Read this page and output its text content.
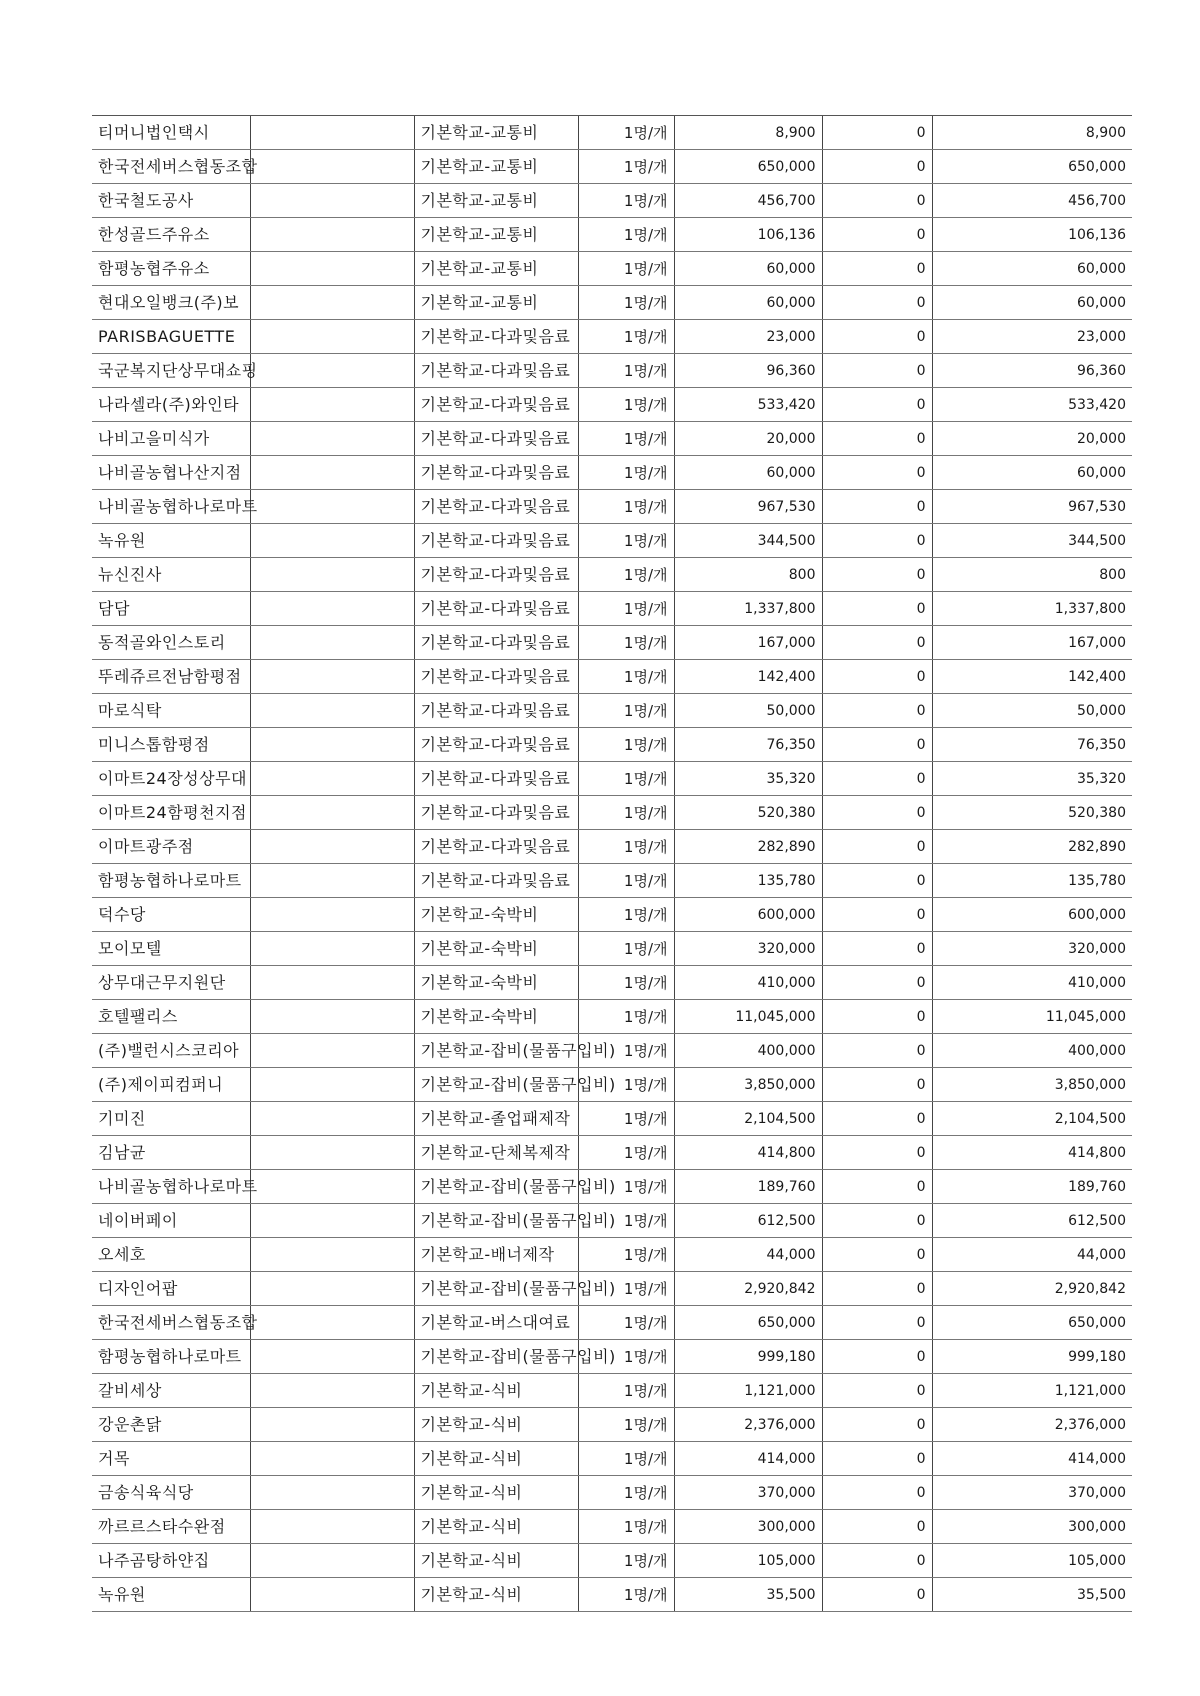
티머니법인택시		기본학교-교통비	1명/개	8,900	0	8,900
한국전세버스협동조합		기본학교-교통비	1명/개	650,000	0	650,000
한국철도공사		기본학교-교통비	1명/개	456,700	0	456,700
한성골드주유소		기본학교-교통비	1명/개	106,136	0	106,136
함평농협주유소		기본학교-교통비	1명/개	60,000	0	60,000
현대오일뱅크(주)보		기본학교-교통비	1명/개	60,000	0	60,000
PARISBAGUETTE		기본학교-다과및음료	1명/개	23,000	0	23,000
국군복지단상무대쇼핑		기본학교-다과및음료	1명/개	96,360	0	96,360
나라셀라(주)와인타		기본학교-다과및음료	1명/개	533,420	0	533,420
나비고을미식가		기본학교-다과및음료	1명/개	20,000	0	20,000
나비골농협나산지점		기본학교-다과및음료	1명/개	60,000	0	60,000
나비골농협하나로마트		기본학교-다과및음료	1명/개	967,530	0	967,530
녹유원		기본학교-다과및음료	1명/개	344,500	0	344,500
뉴신진사		기본학교-다과및음료	1명/개	800	0	800
담담		기본학교-다과및음료	1명/개	1,337,800	0	1,337,800
동적골와인스토리		기본학교-다과및음료	1명/개	167,000	0	167,000
뚜레쥬르전남함평점		기본학교-다과및음료	1명/개	142,400	0	142,400
마로식탁		기본학교-다과및음료	1명/개	50,000	0	50,000
미니스톱함평점		기본학교-다과및음료	1명/개	76,350	0	76,350
이마트24장성상무대		기본학교-다과및음료	1명/개	35,320	0	35,320
이마트24함평천지점		기본학교-다과및음료	1명/개	520,380	0	520,380
이마트광주점		기본학교-다과및음료	1명/개	282,890	0	282,890
함평농협하나로마트		기본학교-다과및음료	1명/개	135,780	0	135,780
덕수당		기본학교-숙박비	1명/개	600,000	0	600,000
모이모텔		기본학교-숙박비	1명/개	320,000	0	320,000
상무대근무지원단		기본학교-숙박비	1명/개	410,000	0	410,000
호텔팰리스		기본학교-숙박비	1명/개	11,045,000	0	11,045,000
(주)밸런시스코리아		기본학교-잡비(물품구입비)	1명/개	400,000	0	400,000
(주)제이피컴퍼니		기본학교-잡비(물품구입비)	1명/개	3,850,000	0	3,850,000
기미진		기본학교-졸업패제작	1명/개	2,104,500	0	2,104,500
김남균		기본학교-단체복제작	1명/개	414,800	0	414,800
나비골농협하나로마트		기본학교-잡비(물품구입비)	1명/개	189,760	0	189,760
네이버페이		기본학교-잡비(물품구입비)	1명/개	612,500	0	612,500
오세호		기본학교-배너제작	1명/개	44,000	0	44,000
디자인어팝		기본학교-잡비(물품구입비)	1명/개	2,920,842	0	2,920,842
한국전세버스협동조합		기본학교-버스대여료	1명/개	650,000	0	650,000
함평농협하나로마트		기본학교-잡비(물품구입비)	1명/개	999,180	0	999,180
갈비세상		기본학교-식비	1명/개	1,121,000	0	1,121,000
강운촌닭		기본학교-식비	1명/개	2,376,000	0	2,376,000
거목		기본학교-식비	1명/개	414,000	0	414,000
금송식육식당		기본학교-식비	1명/개	370,000	0	370,000
까르르스타수완점		기본학교-식비	1명/개	300,000	0	300,000
나주곰탕하얀집		기본학교-식비	1명/개	105,000	0	105,000
녹유원		기본학교-식비	1명/개	35,500	0	35,500
